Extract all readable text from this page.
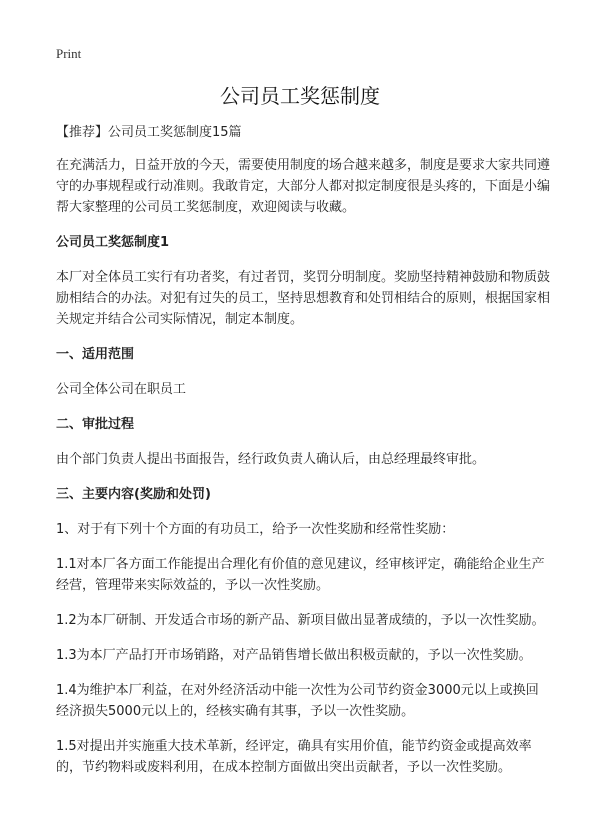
Print
公司员工奖惩制度

【推荐】公司员工奖惩制度15篇

在充满活力，日益开放的今天，需要使用制度的场合越来越多，制度是要求大家共同遵守的办事规程或行动准则。我敢肯定，大部分人都对拟定制度很是头疼的，下面是小编帮大家整理的公司员工奖惩制度，欢迎阅读与收藏。

公司员工奖惩制度1

本厂对全体员工实行有功者奖，有过者罚，奖罚分明制度。奖励坚持精神鼓励和物质鼓励相结合的办法。对犯有过失的员工，坚持思想教育和处罚相结合的原则，根据国家相关规定并结合公司实际情况，制定本制度。

一、适用范围

公司全体公司在职员工

二、审批过程

由个部门负责人提出书面报告，经行政负责人确认后，由总经理最终审批。

三、主要内容(奖励和处罚)

1、对于有下列十个方面的有功员工，给予一次性奖励和经常性奖励：

1.1对本厂各方面工作能提出合理化有价值的意见建议，经审核评定，确能给企业生产经营，管理带来实际效益的，予以一次性奖励。

1.2为本厂研制、开发适合市场的新产品、新项目做出显著成绩的，予以一次性奖励。

1.3为本厂产品打开市场销路，对产品销售增长做出积极贡献的，予以一次性奖励。

1.4为维护本厂利益，在对外经济活动中能一次性为公司节约资金3000元以上或换回经济损失5000元以上的，经核实确有其事，予以一次性奖励。

1.5对提出并实施重大技术革新，经评定，确具有实用价值，能节约资金或提高效率的，节约物料或废料利用，在成本控制方面做出突出贡献者，予以一次性奖励。
